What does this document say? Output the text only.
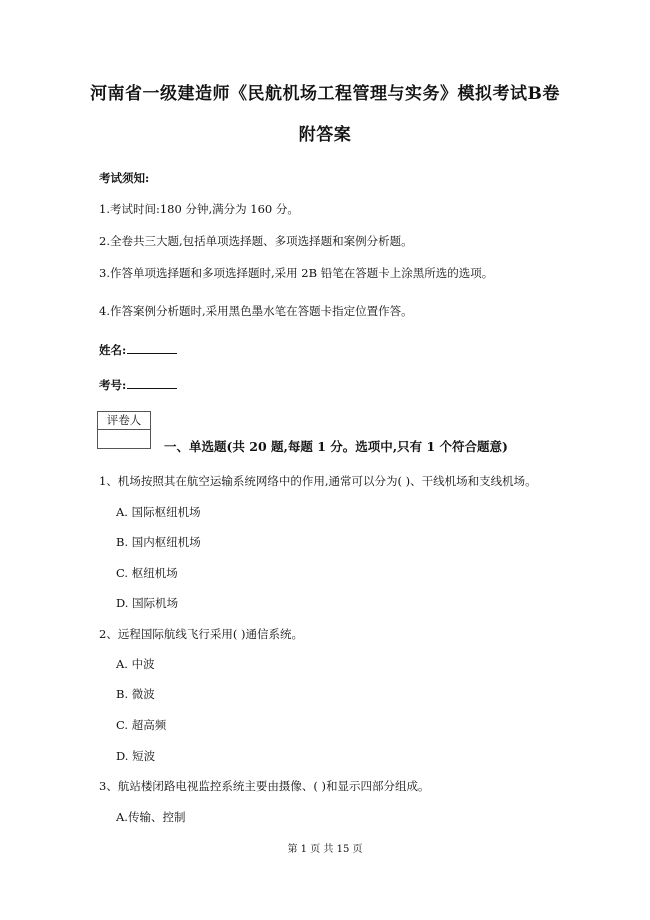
河南省一级建造师《民航机场工程管理与实务》模拟考试B卷
附答案
考试须知:
1.考试时间:180 分钟,满分为 160 分。
2.全卷共三大题,包括单项选择题、多项选择题和案例分析题。
3.作答单项选择题和多项选择题时,采用 2B 铅笔在答题卡上涂黑所选的选项。
4.作答案例分析题时,采用黑色墨水笔在答题卡指定位置作答。
姓名:
考号:
评卷人
一、单选题(共 20 题,每题 1 分。选项中,只有 1 个符合题意)
1、机场按照其在航空运输系统网络中的作用,通常可以分为( )、干线机场和支线机场。
A. 国际枢纽机场
B. 国内枢纽机场
C. 枢纽机场
D. 国际机场
2、远程国际航线飞行采用( )通信系统。
A. 中波
B. 微波
C. 超高频
D. 短波
3、航站楼闭路电视监控系统主要由摄像、( )和显示四部分组成。
A.传输、控制
第 1 页 共 15 页
